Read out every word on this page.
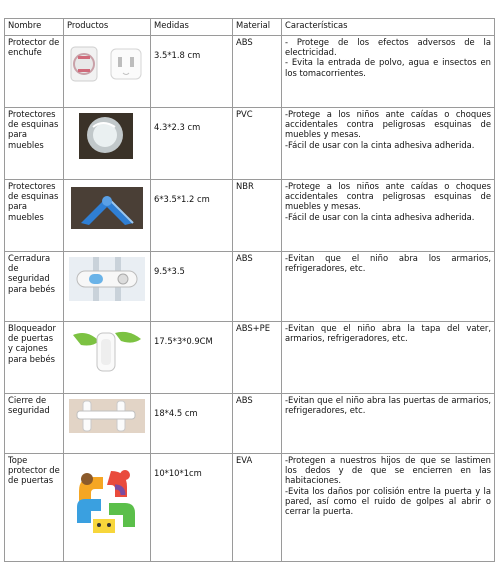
Nombre	Productos	Medidas	Material	Características
Protector de enchufe		3.5*1.8 cm	ABS	- Protege de los efectos adversos de la electricidad.
- Evita la entrada de polvo, agua e insectos en los tomacorrientes.

Protectores de esquinas para muebles		4.3*2.3 cm	PVC	-Protege a los niños ante caídas o choques accidentales contra peligrosas esquinas de muebles y mesas.
-Fácil de usar con la cinta adhesiva adherida.

Protectores de esquinas para muebles		6*3.5*1.2 cm	NBR	-Protege a los niños ante caídas o choques accidentales contra peligrosas esquinas de muebles y mesas.
-Fácil de usar con la cinta adhesiva adherida.

Cerradura de seguridad para bebés		9.5*3.5	ABS	-Evitan que el niño abra los armarios, refrigeradores, etc.

Bloqueador de puertas y cajones para bebés		17.5*3*0.9CM	ABS+PE	-Evitan que el niño abra la tapa del vater, armarios, refrigeradores, etc.

Cierre de seguridad		18*4.5 cm	ABS	-Evitan que el niño abra las puertas de armarios, refrigeradores, etc.

Tope protector de de puertas		10*10*1cm	EVA	-Protegen a nuestros hijos de que se lastimen los dedos y de que se encierren en las habitaciones.
-Evita los daños por colisión entre la puerta y la pared, así como el ruido de golpes al abrir o cerrar la puerta.
